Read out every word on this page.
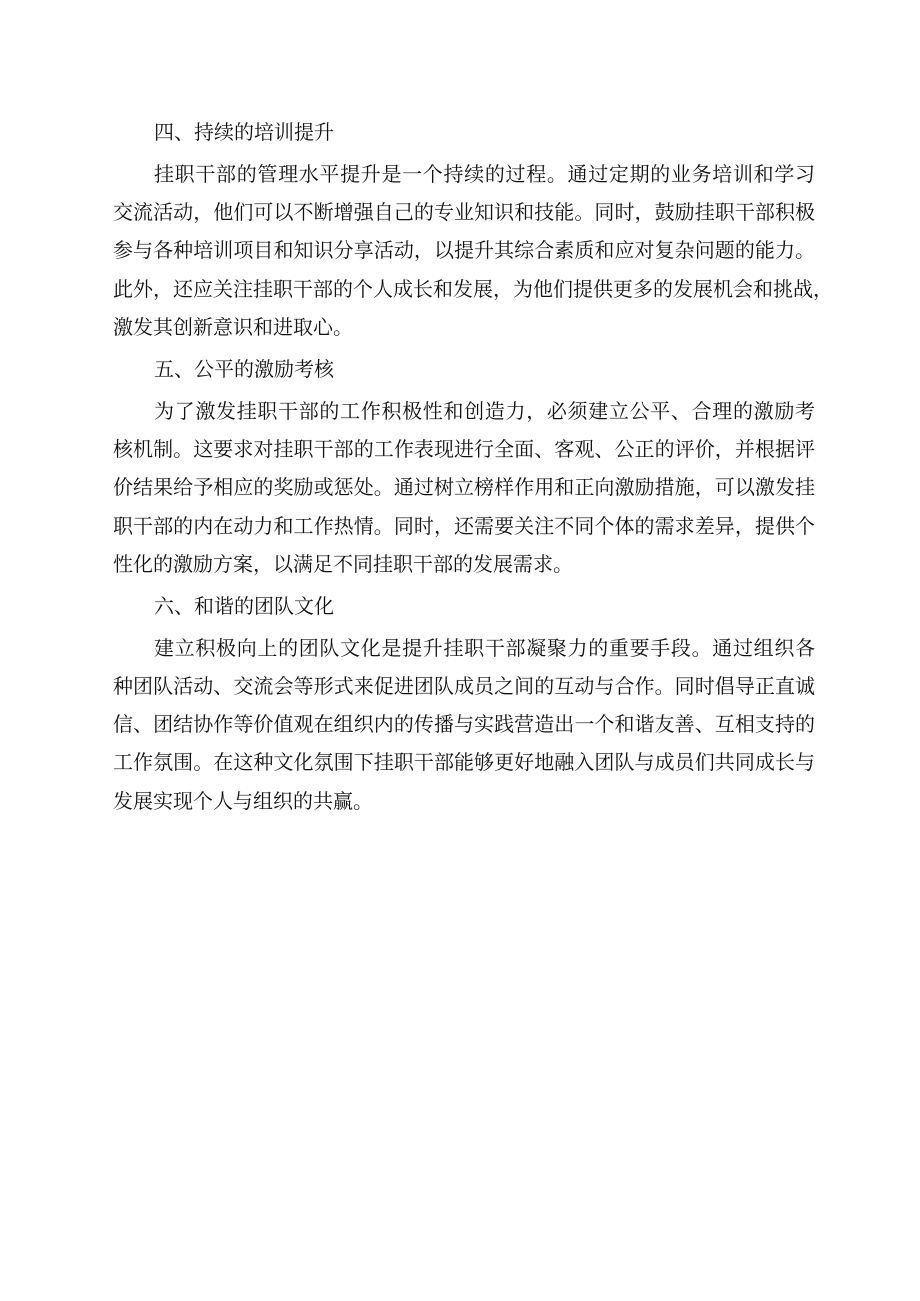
四、持续的培训提升
挂职干部的管理水平提升是一个持续的过程。通过定期的业务培训和学习
交流活动，他们可以不断增强自己的专业知识和技能。同时，鼓励挂职干部积极
参与各种培训项目和知识分享活动，以提升其综合素质和应对复杂问题的能力。
此外，还应关注挂职干部的个人成长和发展，为他们提供更多的发展机会和挑战，
激发其创新意识和进取心。
五、公平的激励考核
为了激发挂职干部的工作积极性和创造力，必须建立公平、合理的激励考
核机制。这要求对挂职干部的工作表现进行全面、客观、公正的评价，并根据评
价结果给予相应的奖励或惩处。通过树立榜样作用和正向激励措施，可以激发挂
职干部的内在动力和工作热情。同时，还需要关注不同个体的需求差异，提供个
性化的激励方案，以满足不同挂职干部的发展需求。
六、和谐的团队文化
建立积极向上的团队文化是提升挂职干部凝聚力的重要手段。通过组织各
种团队活动、交流会等形式来促进团队成员之间的互动与合作。同时倡导正直诚
信、团结协作等价值观在组织内的传播与实践营造出一个和谐友善、互相支持的
工作氛围。在这种文化氛围下挂职干部能够更好地融入团队与成员们共同成长与
发展实现个人与组织的共赢。
